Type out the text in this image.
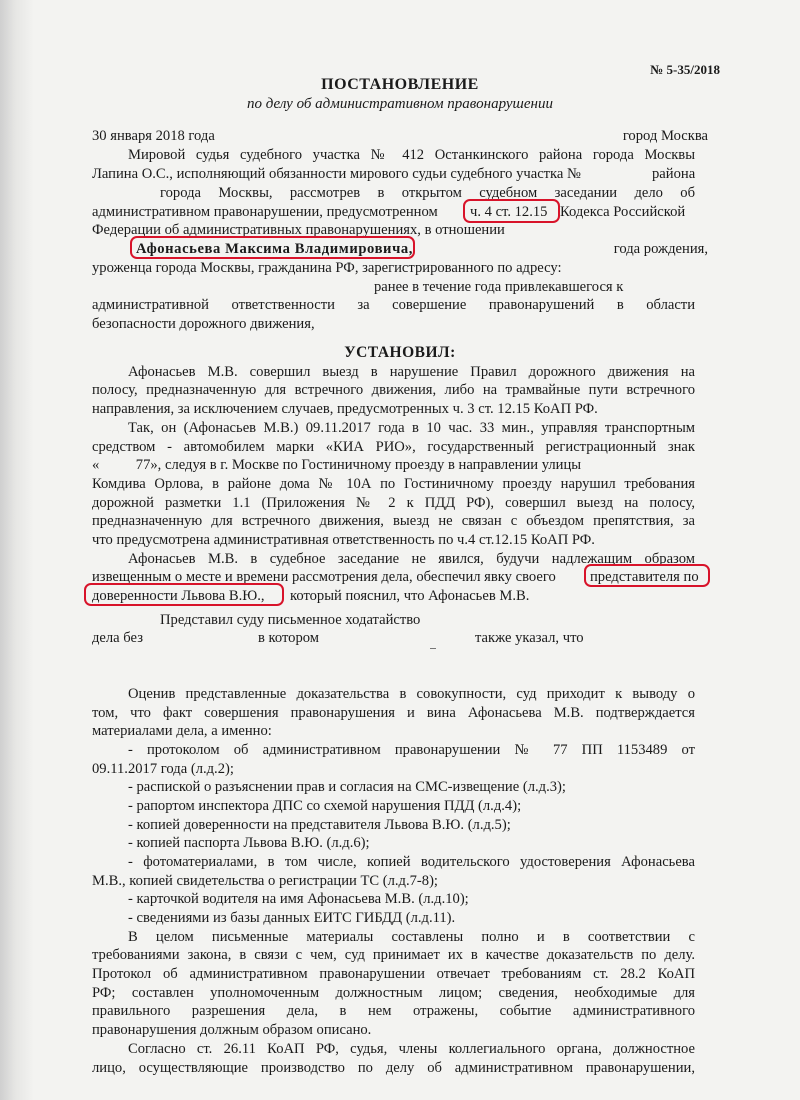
№ 5-35/2018
ПОСТАНОВЛЕНИЕ
по делу об административном правонарушении
30 января 2018 года	город Москва
Мировой судья судебного участка № 412 Останкинского района города Москвы
Лапина О.С., исполняющий обязанности мирового судьи судебного участка №	района
города Москвы, рассмотрев в открытом судебном заседании дело об
административном правонарушении, предусмотренном	ч. 4 ст. 12.15 Кодекса Российской
Федерации об административных правонарушениях, в отношении
Афонасьева Максима Владимировича,	года рождения,
уроженца города Москвы, гражданина РФ, зарегистрированного по адресу:
ранее в течение года привлекавшегося к
административной ответственности за совершение правонарушений в области
безопасности дорожного движения,
УСТАНОВИЛ:
Афонасьев М.В. совершил выезд в нарушение Правил дорожного движения на
полосу, предназначенную для встречного движения, либо на трамвайные пути встречного
направления, за исключением случаев, предусмотренных ч. 3 ст. 12.15 КоАП РФ.
Так, он (Афонасьев М.В.) 09.11.2017 года в 10 час. 33 мин., управляя транспортным
средством - автомобилем марки «КИА РИО», государственный регистрационный знак
«          77», следуя в г. Москве по Гостиничному проезду в направлении улицы
Комдива Орлова, в районе дома № 10А по Гостиничному проезду нарушил требования
дорожной разметки 1.1 (Приложения № 2 к ПДД РФ), совершил выезд на полосу,
предназначенную для встречного движения, выезд не связан с объездом препятствия, за
что предусмотрена административная ответственность по ч.4 ст.12.15 КоАП РФ.
Афонасьев М.В. в судебное заседание не явился, будучи надлежащим образом
извещенным о месте и времени рассмотрения дела, обеспечил явку своего	представителя по
доверенности Львова В.Ю.,	который пояснил, что Афонасьев М.В.
Представил суду письменное ходатайство
дела без	в котором	также указал, что
Оценив представленные доказательства в совокупности, суд приходит к выводу о
том, что факт совершения правонарушения и вина Афонасьева М.В. подтверждается
материалами дела, а именно:
- протоколом об административном правонарушении № 77 ПП 1153489 от
09.11.2017 года (л.д.2);
- распиской о разъяснении прав и согласия на СМС-извещение (л.д.3);
- рапортом инспектора ДПС со схемой нарушения ПДД (л.д.4);
- копией доверенности на представителя Львова В.Ю. (л.д.5);
- копией паспорта Львова В.Ю. (л.д.6);
- фотоматериалами, в том числе, копией водительского удостоверения Афонасьева
М.В., копией свидетельства о регистрации ТС (л.д.7-8);
- карточкой водителя на имя Афонасьева М.В. (л.д.10);
- сведениями из базы данных ЕИТС ГИБДД (л.д.11).
В целом письменные материалы составлены полно и в соответствии с
требованиями закона, в связи с чем, суд принимает их в качестве доказательств по делу.
Протокол об административном правонарушении отвечает требованиям ст. 28.2 КоАП
РФ; составлен уполномоченным должностным лицом; сведения, необходимые для
правильного разрешения дела, в нем отражены, событие административного
правонарушения должным образом описано.
Согласно ст. 26.11 КоАП РФ, судья, члены коллегиального органа, должностное
лицо, осуществляющие производство по делу об административном правонарушении,
